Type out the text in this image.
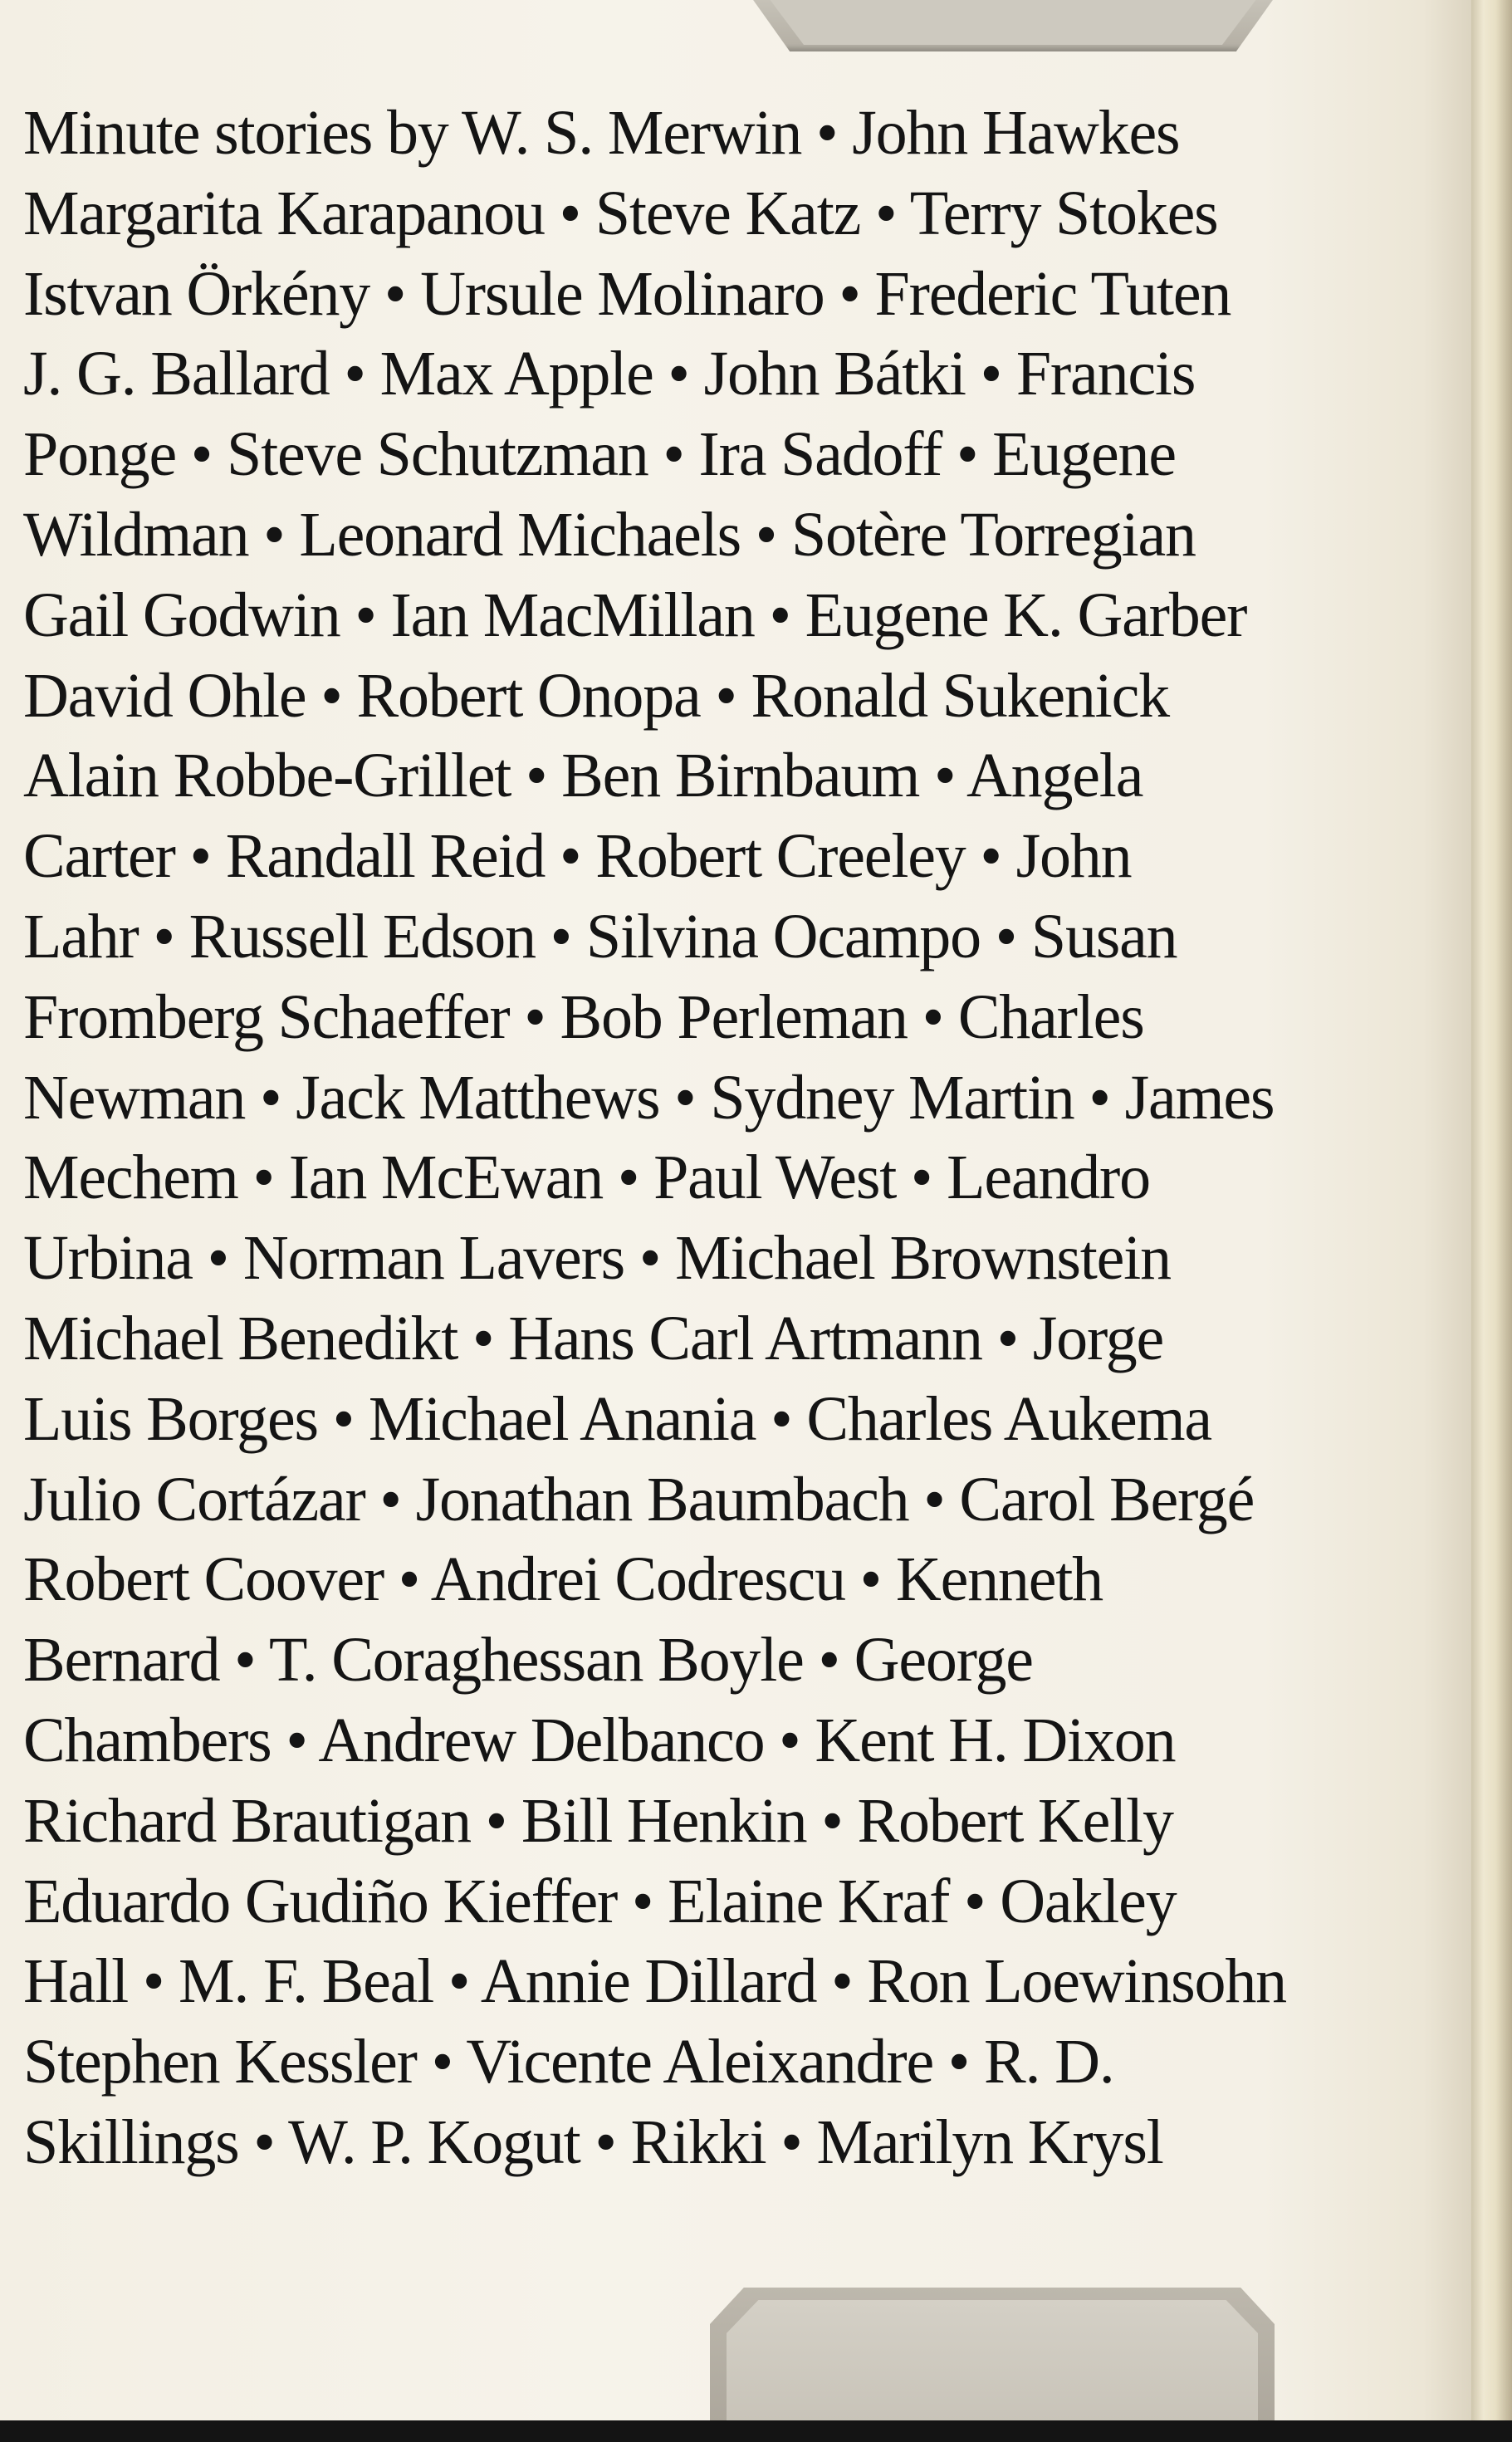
Minute stories by W. S. Merwin • John Hawkes
Margarita Karapanou • Steve Katz • Terry Stokes
Istvan Örkény • Ursule Molinaro • Frederic Tuten
J. G. Ballard • Max Apple • John Bátki • Francis
Ponge • Steve Schutzman • Ira Sadoff • Eugene
Wildman • Leonard Michaels • Sotère Torregian
Gail Godwin • Ian MacMillan • Eugene K. Garber
David Ohle • Robert Onopa • Ronald Sukenick
Alain Robbe-Grillet • Ben Birnbaum • Angela
Carter • Randall Reid • Robert Creeley • John
Lahr • Russell Edson • Silvina Ocampo • Susan
Fromberg Schaeffer • Bob Perleman • Charles
Newman • Jack Matthews • Sydney Martin • James
Mechem • Ian McEwan • Paul West • Leandro
Urbina • Norman Lavers • Michael Brownstein
Michael Benedikt • Hans Carl Artmann • Jorge
Luis Borges • Michael Anania • Charles Aukema
Julio Cortázar • Jonathan Baumbach • Carol Bergé
Robert Coover • Andrei Codrescu • Kenneth
Bernard • T. Coraghessan Boyle • George
Chambers • Andrew Delbanco • Kent H. Dixon
Richard Brautigan • Bill Henkin • Robert Kelly
Eduardo Gudiño Kieffer • Elaine Kraf • Oakley
Hall • M. F. Beal • Annie Dillard • Ron Loewinsohn
Stephen Kessler • Vicente Aleixandre • R. D.
Skillings • W. P. Kogut • Rikki • Marilyn Krysl
